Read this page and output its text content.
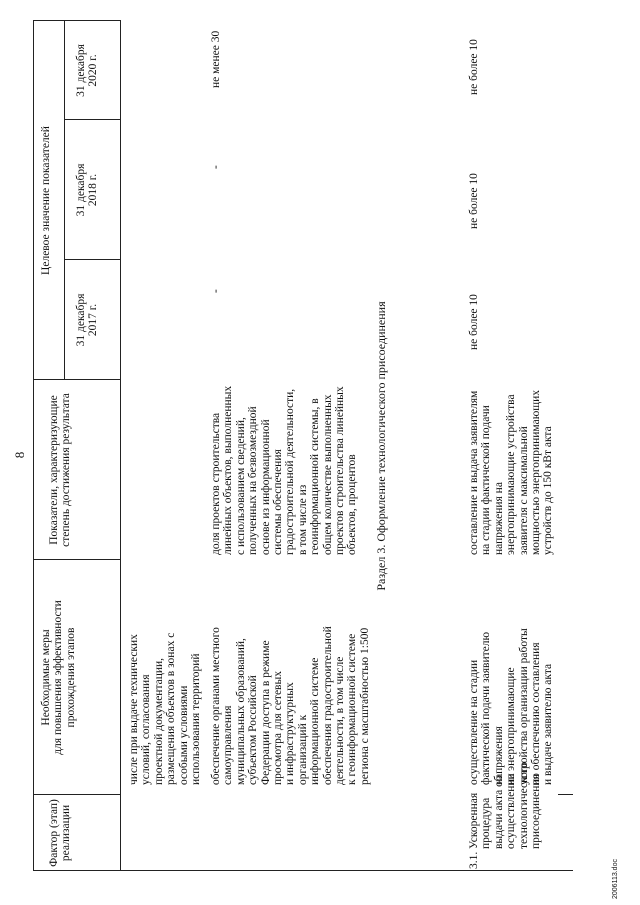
8
Фактор (этап)
реализации
Необходимые меры
для повышения эффективности
прохождения этапов
Показатели, характеризующие
степень достижения результата
Целевое значение показателей
31 декабря
2017 г.
31 декабря
2018 г.
31 декабря
2020 г.
числе при выдаче технических
условий, согласования
проектной документации,
размещения объектов в зонах с
особыми условиями
использования территорий
обеспечение органами местного
самоуправления
муниципальных образований,
субъектом Российской
Федерации доступа в режиме
просмотра для сетевых
и инфраструктурных
организаций к
информационной системе
обеспечения градостроительной
деятельности, в том числе
к геоинформационной системе
региона с масштабностью 1:500
доля проектов строительства
линейных объектов, выполненных
с использованием сведений,
полученных на безвозмездной
основе из информационной
системы обеспечения
градостроительной деятельности,
в том числе из
геоинформационной системы, в
общем количестве выполненных
проектов строительства линейных
объектов, процентов
-
-
не менее 30
Раздел 3. Оформление технологического присоединения
3.1.
Ускоренная
процедура
выдачи акта об
осуществлении
технологического
присоединения
осуществление на стадии
фактической подачи заявителю
напряжения
на энергопринимающие
устройства организации работы
по обеспечению составления
и выдаче заявителю акта
составление и выдача заявителям
на стадии фактической подачи
напряжения на
энергопринимающие устройства
заявителя с максимальной
мощностью энергопринимающих
устройств до 150 кВт акта
не более 10
не более 10
не более 10
2006113.doc
